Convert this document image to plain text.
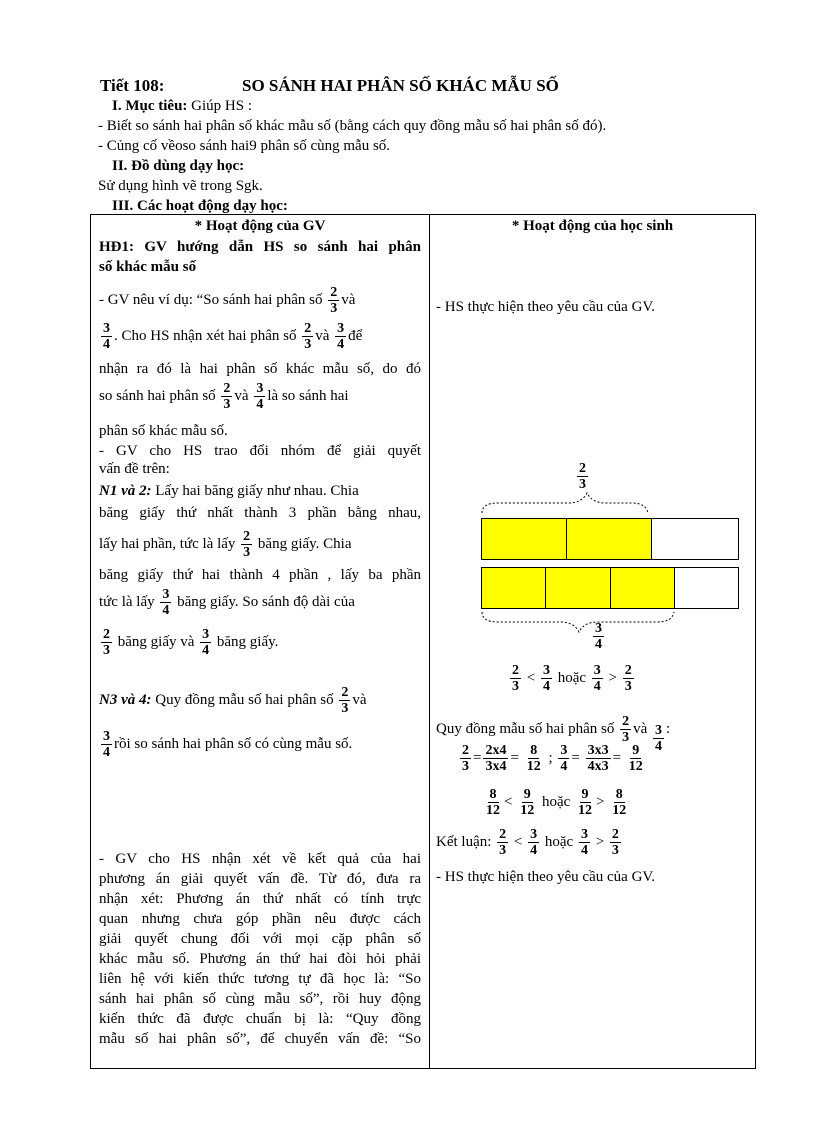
Tiết 108:	SO SÁNH HAI PHÂN SỐ KHÁC MẪU SỐ
I. Mục tiêu: Giúp HS :
- Biết so sánh hai phân số khác mẫu số (bằng cách quy đồng mẫu số hai phân số đó).
- Củng cố vềoso sánh hai9 phân số cùng mẫu số.
II. Đồ dùng dạy học:
Sử dụng hình vẽ trong Sgk.
III. Các hoạt động dạy học:
* Hoạt động của GV
HĐ1: GV hướng dẫn HS so sánh hai phân
số khác mẫu số
- GV nêu ví dụ: “So sánh hai phân số $\frac{2}{3}$ và
$\frac{3}{4}$ . Cho HS nhận xét hai phân số $\frac{2}{3}$ và $\frac{3}{4}$ để
nhận ra đó là hai phân số khác mẫu số, do đó
so sánh hai phân số $\frac{2}{3}$ và $\frac{3}{4}$ là so sánh hai
phân số khác mẫu số.
- GV cho HS trao đổi nhóm để giải quyết
vấn đề trên:
N1 và 2: Lấy hai băng giấy như nhau. Chia
băng giấy thứ nhất thành 3 phần bằng nhau,
lấy hai phần, tức là lấy $\frac{2}{3}$ băng giấy. Chia
băng giấy thứ hai thành 4 phần , lấy ba phần
tức là lấy $\frac{3}{4}$ băng giấy. So sánh độ dài của
$\frac{2}{3}$ băng giấy và $\frac{3}{4}$ băng giấy.
N3 và 4: Quy đồng mẫu số hai phân số $\frac{2}{3}$ và
$\frac{3}{4}$ rồi so sánh hai phân số có cùng mẫu số.
- GV cho HS nhận xét về kết quả của hai
phương án giải quyết vấn đề. Từ đó, đưa ra
nhận xét: Phương án thứ nhất có tính trực
quan nhưng chưa góp phần nêu được cách
giải quyết chung đối với mọi cặp phân số
khác mẫu số. Phương án thứ hai đòi hỏi phải
liên hệ với kiến thức tương tự đã học là: “So
sánh hai phân số cùng mẫu số”, rồi huy động
kiến thức đã được chuẩn bị là: “Quy đồng
mẫu số hai phân số”, để chuyển vấn đề: “So

* Hoạt động của học sinh
- HS thực hiện theo yêu cầu của GV.
$\frac{2}{3}$
$\frac{3}{4}$
$\frac{2}{3} < \frac{3}{4}$ hoặc $\frac{3}{4} > \frac{2}{3}$
Quy đồng mẫu số hai phân số $\frac{2}{3}$ và $\frac{3}{4}$ :
$\frac{2}{3} = \frac{2x4}{3x4} = \frac{8}{12}$ ; $\frac{3}{4} = \frac{3x3}{4x3} = \frac{9}{12}$
$\frac{8}{12} < \frac{9}{12}$ hoặc $\frac{9}{12} > \frac{8}{12}$
Kết luận: $\frac{2}{3} < \frac{3}{4}$ hoặc $\frac{3}{4} > \frac{2}{3}$
- HS thực hiện theo yêu cầu của GV.
